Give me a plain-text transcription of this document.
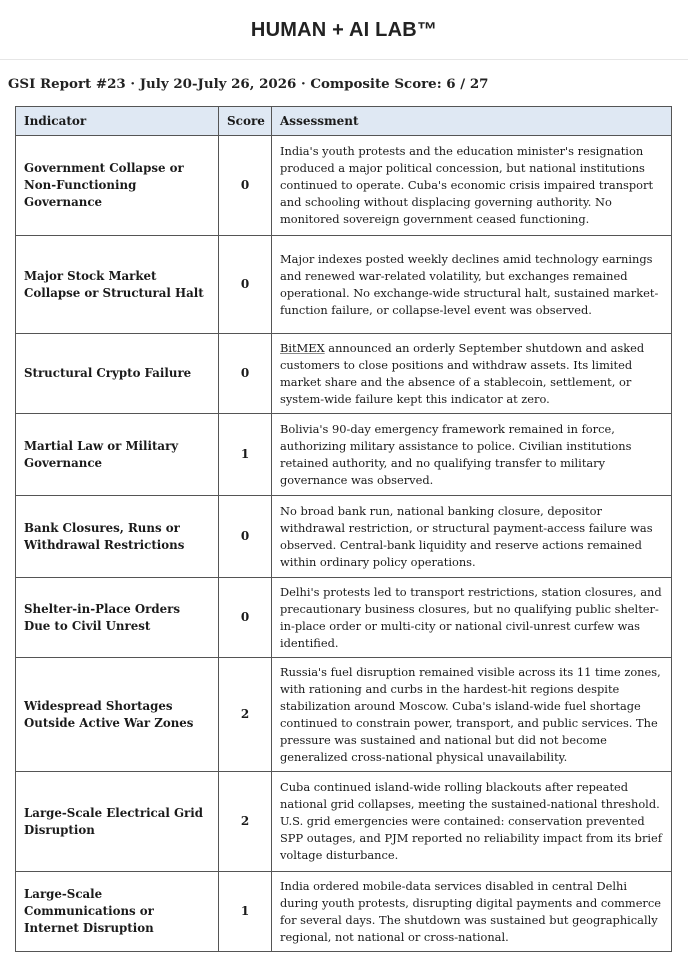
HUMAN + AI LAB™
GSI Report #23 · July 20-July 26, 2026 · Composite Score: 6 / 27
Indicator	Score	Assessment
Government Collapse or Non-Functioning Governance	0	India's youth protests and the education minister's resignation produced a major political concession, but national institutions continued to operate. Cuba's economic crisis impaired transport and schooling without displacing governing authority. No monitored sovereign government ceased functioning.
Major Stock Market Collapse or Structural Halt	0	Major indexes posted weekly declines amid technology earnings and renewed war-related volatility, but exchanges remained operational. No exchange-wide structural halt, sustained market-function failure, or collapse-level event was observed.
Structural Crypto Failure	0	BitMEX announced an orderly September shutdown and asked customers to close positions and withdraw assets. Its limited market share and the absence of a stablecoin, settlement, or system-wide failure kept this indicator at zero.
Martial Law or Military Governance	1	Bolivia's 90-day emergency framework remained in force, authorizing military assistance to police. Civilian institutions retained authority, and no qualifying transfer to military governance was observed.
Bank Closures, Runs or Withdrawal Restrictions	0	No broad bank run, national banking closure, depositor withdrawal restriction, or structural payment-access failure was observed. Central-bank liquidity and reserve actions remained within ordinary policy operations.
Shelter-in-Place Orders Due to Civil Unrest	0	Delhi's protests led to transport restrictions, station closures, and precautionary business closures, but no qualifying public shelter-in-place order or multi-city or national civil-unrest curfew was identified.
Widespread Shortages Outside Active War Zones	2	Russia's fuel disruption remained visible across its 11 time zones, with rationing and curbs in the hardest-hit regions despite stabilization around Moscow. Cuba's island-wide fuel shortage continued to constrain power, transport, and public services. The pressure was sustained and national but did not become generalized cross-national physical unavailability.
Large-Scale Electrical Grid Disruption	2	Cuba continued island-wide rolling blackouts after repeated national grid collapses, meeting the sustained-national threshold. U.S. grid emergencies were contained: conservation prevented SPP outages, and PJM reported no reliability impact from its brief voltage disturbance.
Large-Scale Communications or Internet Disruption	1	India ordered mobile-data services disabled in central Delhi during youth protests, disrupting digital payments and commerce for several days. The shutdown was sustained but geographically regional, not national or cross-national.
